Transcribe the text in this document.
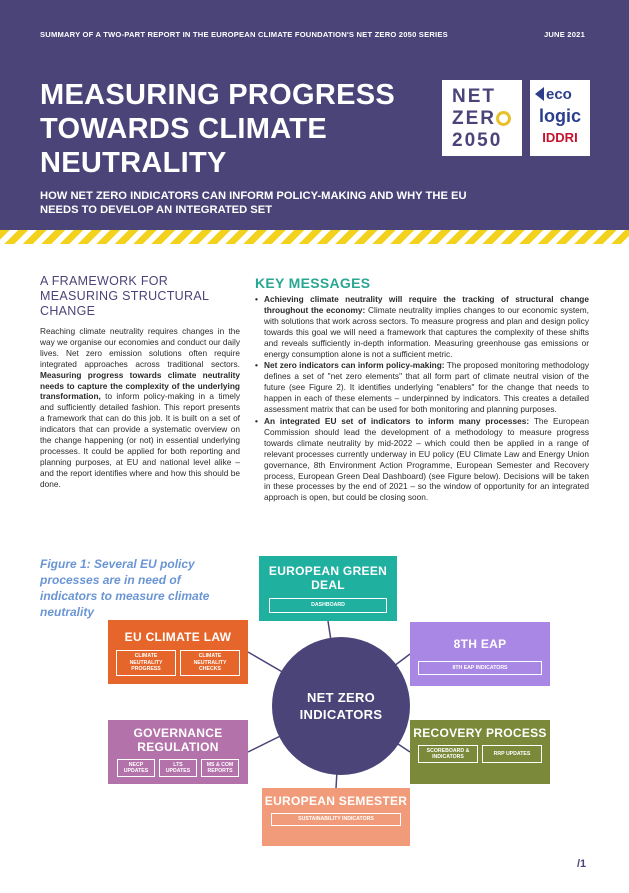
SUMMARY OF A TWO-PART REPORT IN THE EUROPEAN CLIMATE FOUNDATION'S NET ZERO 2050 SERIES	JUNE 2021
MEASURING PROGRESS TOWARDS CLIMATE NEUTRALITY
HOW NET ZERO INDICATORS CAN INFORM POLICY-MAKING AND WHY THE EU NEEDS TO DEVELOP AN INTEGRATED SET
NET
ZER
2050
eco
logic
IDDRI
A FRAMEWORK FOR MEASURING STRUCTURAL CHANGE

Reaching climate neutrality requires changes in the way we organise our economies and conduct our daily lives. Net zero emission solutions often require integrated approaches across traditional sectors. Measuring progress towards climate neutrality needs to capture the complexity of the underlying transformation, to inform policy-making in a timely and sufficiently detailed fashion. This report presents a framework that can do this job. It is built on a set of indicators that can provide a systematic overview on the change happening (or not) in essential underlying processes. It could be applied for both reporting and planning purposes, at EU and national level alike – and the report identifies where and how this should be done.

KEY MESSAGES
• Achieving climate neutrality will require the tracking of structural change throughout the economy: Climate neutrality implies changes to our economic system, with solutions that work across sectors. To measure progress and plan and design policy towards this goal we will need a framework that captures the complexity of these shifts and reveals sufficiently in-depth information. Measuring greenhouse gas emissions or energy consumption alone is not a sufficient metric.
• Net zero indicators can inform policy-making: The proposed monitoring methodology defines a set of "net zero elements" that all form part of climate neutral vision of the future (see Figure 2). It identifies underlying "enablers" for the change that needs to happen in each of these elements – underpinned by indicators. This creates a detailed assessment matrix that can be used for both monitoring and planning purposes.
• An integrated EU set of indicators to inform many processes: The European Commission should lead the development of a methodology to measure progress towards climate neutrality by mid-2022 – which could then be applied in a range of relevant processes currently underway in EU policy (EU Climate Law and Energy Union governance, 8th Environment Action Programme, European Semester and Recovery process, European Green Deal Dashboard) (see Figure below). Decisions will be taken in these processes by the end of 2021 – so the window of opportunity for an integrated approach is open, but could be closing soon.
Figure 1: Several EU policy processes are in need of indicators to measure climate neutrality
NET ZERO INDICATORS
EUROPEAN GREEN DEAL
DASHBOARD
EU CLIMATE LAW
CLIMATE NEUTRALITY PROGRESS
CLIMATE NEUTRALITY CHECKS
8TH EAP
8TH EAP INDICATORS
GOVERNANCE REGULATION
NECP UPDATES
LTS UPDATES
MS & COM REPORTS
RECOVERY PROCESS
SCOREBOARD & INDICATORS
RRP UPDATES
EUROPEAN SEMESTER
SUSTAINABILITY INDICATORS
/1
